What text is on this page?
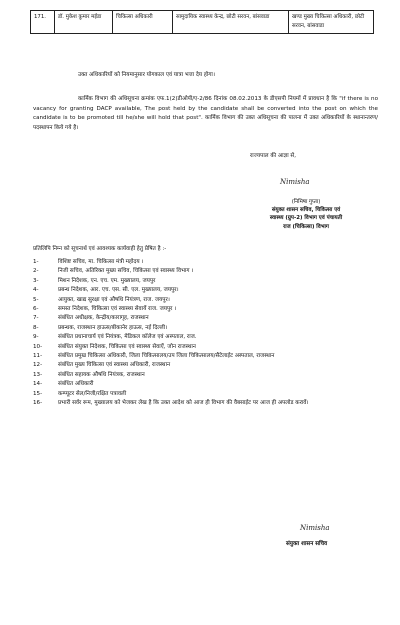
171.	डॉ. मुकेश कुमार मईडा	चिकित्सा अधिकारी	सामुदायिक स्वास्थ्य केन्द्र, छोटी सरवन, बांसवाडा	खण्ड मुख्य चिकित्सा अधिकारी, छोटी सरवन, बांसवाडा
उक्त अधिकारियों को नियमानुसार योगकाल एवं यात्रा भत्ता देय होगा।
कार्मिक विभाग की अधिसूचना क्रमांक एफ.1(2)डीओपी/ए-2/86 दिनांक 08.02.2013 के डीएसपी नियमों में प्रावधान है कि "if there is no vacancy for granting DACP available, The post held by the candidate shall be converted into the post on which the candidate is to be promoted till he/she will hold that post". कार्मिक विभाग की उक्त अधिसूचना की पालना में उक्त अधिकारियों के स्थानान्तरण/पदस्थापन किये गये है।
राज्यपाल की आज्ञा से,
Nimisha
(निमिषा गुप्ता)
संयुक्त शासन सचिव, चिकित्सा एवं
स्वास्थ्य (ग्रुप-2) विभाग एवं पंचायती
राज (चिकित्सा) विभाग
प्रतिलिपि निम्न को सूचनार्थ एवं आवश्यक कार्यवाही हेतु प्रेषित है :-
1-	विशिष्ट सचिव, मा. चिकित्सा मंत्री महोदय ।
2-	निजी सचिव, अतिरिक्त मुख्य सचिव, चिकित्सा एवं स्वास्थ्य विभाग ।
3-	मिशन निदेशक, एन. एच. एम. मुख्यालय, जयपुर
4-	प्रबन्ध निदेशक, आर. एच. एस. सी. एल. मुख्यालय, जयपुर।
5-	आयुक्त, खाद्य सुरक्षा एवं औषधि नियंत्रण, राज. जयपुर।
6-	समस्त निदेशक, चिकित्सा एवं स्वास्थ्य सेवायें राज. जयपुर ।
7-	संबंधित अधीक्षक, केन्द्रीय/कारागृह, राजस्थान
8-	प्रबन्धक, राजस्थान हाऊस/बीकानेर हाऊस, नई दिल्ली।
9-	संबंधित प्रधानाचार्य एवं नियंत्रक, मेडिकल कॉलेज एवं अस्पताल, राज.
10-	संबंधित संयुक्त निदेशक, चिकित्सा एवं स्वास्थ्य सेवाऐं, जोन राजस्थान
11-	संबंधित प्रमुख चिकित्सा अधिकारी, जिला चिकित्सालय/उप जिला चिकित्सालय/सैटेलाईट अस्पताल, राजस्थान
12-	संबंधित मुख्य चिकित्सा एवं स्वास्थ्य अधिकारी, राजस्थान
13-	संबंधित सहायक औषधि नियंत्रक, राजस्थान
14-	संबंधित अधिकारी
15-	कम्प्यूटर सेल/निजी/रक्षित पत्रावली
16-	प्रभारी सर्वर रूम, मुख्यालय को भेजकर लेख है कि उक्त आदेश को आज ही विभाग की वैबसाईट पर आज ही अपलोड करावें।
Nimisha
संयुक्त शासन सचिव
